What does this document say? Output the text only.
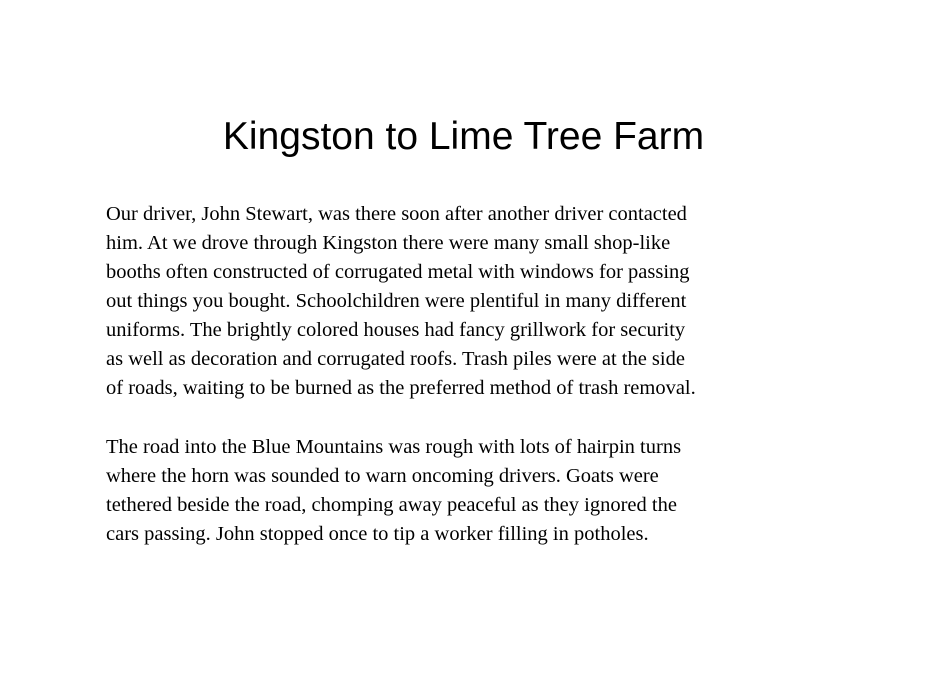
Kingston to Lime Tree Farm
Our driver, John Stewart, was there soon after another driver contacted
him. At we drove through Kingston there were many small shop-like
booths often constructed of corrugated metal with windows for passing
out things you bought. Schoolchildren were plentiful in many different
uniforms. The brightly colored houses had fancy grillwork for security
as well as decoration and corrugated roofs. Trash piles were at the side
of roads, waiting to be burned as the preferred method of trash removal.
The road into the Blue Mountains was rough with lots of hairpin turns
where the horn was sounded to warn oncoming drivers. Goats were
tethered beside the road, chomping away peaceful as they ignored the
cars passing. John stopped once to tip a worker filling in potholes.
